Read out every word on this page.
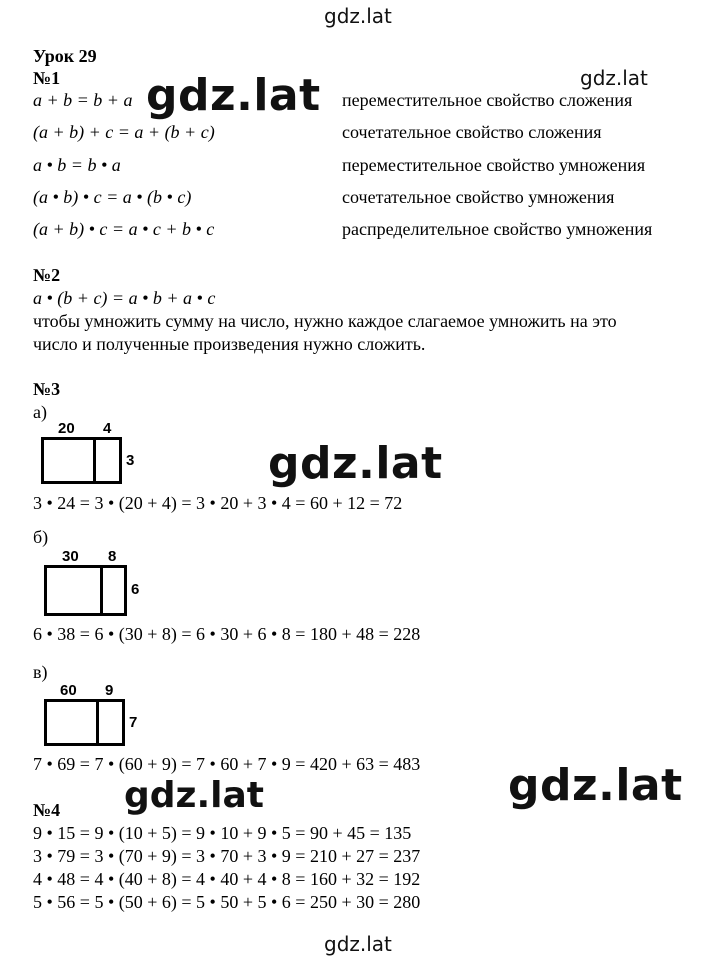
gdz.lat
gdz.lat
gdz.lat
gdz.lat
gdz.lat
gdz.lat
gdz.lat
Урок 29
№1
a + b = b + a	переместительное свойство сложения
(a + b) + c = a + (b + c)	сочетательное свойство сложения
a • b = b • a	переместительное свойство умножения
(a • b) • c = a • (b • c)	сочетательное свойство умножения
(a + b) • c = a • c + b • c	распределительное свойство умножения
№2
a • (b + c) = a • b + a • c
чтобы умножить сумму на число, нужно каждое слагаемое умножить на это
число и полученные произведения нужно сложить.
№3
а)
20 4
3
3 • 24 = 3 • (20 + 4) = 3 • 20 + 3 • 4 = 60 + 12 = 72
б)
30 8
6
6 • 38 = 6 • (30 + 8) = 6 • 30 + 6 • 8 = 180 + 48 = 228
в)
60 9
7
7 • 69 = 7 • (60 + 9) = 7 • 60 + 7 • 9 = 420 + 63 = 483
№4
9 • 15 = 9 • (10 + 5) = 9 • 10 + 9 • 5 = 90 + 45 = 135
3 • 79 = 3 • (70 + 9) = 3 • 70 + 3 • 9 = 210 + 27 = 237
4 • 48 = 4 • (40 + 8) = 4 • 40 + 4 • 8 = 160 + 32 = 192
5 • 56 = 5 • (50 + 6) = 5 • 50 + 5 • 6 = 250 + 30 = 280
